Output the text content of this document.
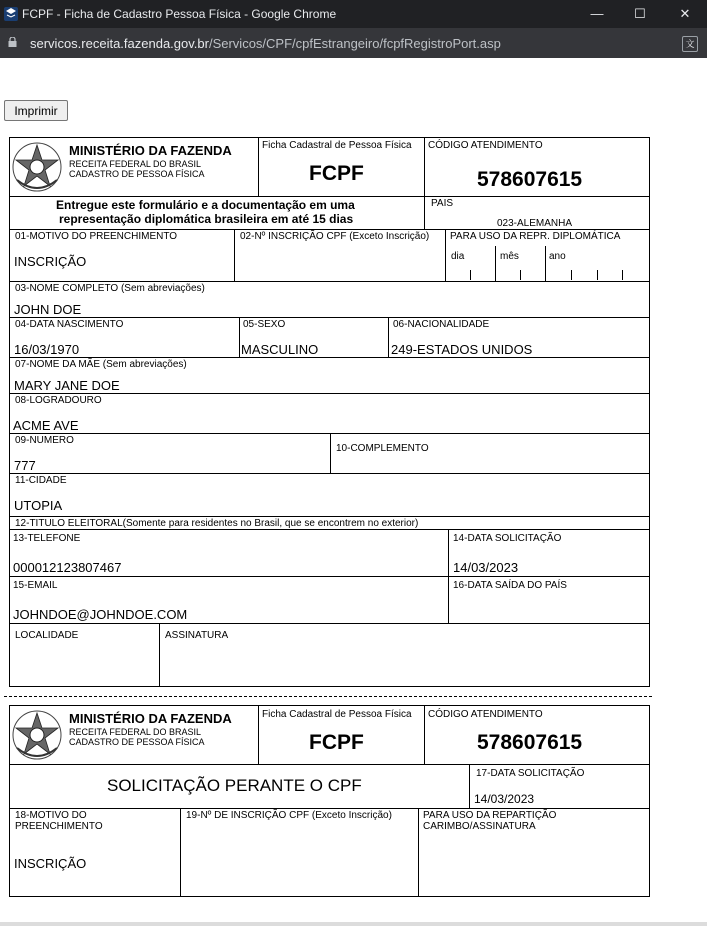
FCPF - Ficha de Cadastro Pessoa Física - Google Chrome	—	☐	✕
servicos.receita.fazenda.gov.br/Servicos/CPF/cpfEstrangeiro/fcpfRegistroPort.asp	文
Imprimir
MINISTÉRIO DA FAZENDA
RECEITA FEDERAL DO BRASIL
CADASTRO DE PESSOA FÍSICA
Ficha Cadastral de Pessoa Física
FCPF
CÓDIGO ATENDIMENTO
578607615
Entregue este formulário e a documentação em uma
representação diplomática brasileira em até 15 dias
PAIS
023-ALEMANHA
01-MOTIVO DO PREENCHIMENTO
INSCRIÇÃO
02-Nº INSCRIÇÃO CPF (Exceto Inscrição) PARA USO DA REPR. DIPLOMÁTICA
dia	mês	ano
03-NOME COMPLETO (Sem abreviações)
JOHN DOE
04-DATA NASCIMENTO
16/03/1970
05-SEXO
MASCULINO
06-NACIONALIDADE
249-ESTADOS UNIDOS
07-NOME DA MÃE (Sem abreviações)
MARY JANE DOE
08-LOGRADOURO
ACME AVE
09-NUMERO
777
10-COMPLEMENTO
11-CIDADE
UTOPIA
12-TITULO ELEITORAL(Somente para residentes no Brasil, que se encontrem no exterior)
13-TELEFONE
000012123807467
14-DATA SOLICITAÇÃO
14/03/2023
15-EMAIL
JOHNDOE@JOHNDOE.COM
16-DATA SAÍDA DO PAÍS
LOCALIDADE	ASSINATURA
MINISTÉRIO DA FAZENDA
RECEITA FEDERAL DO BRASIL
CADASTRO DE PESSOA FÍSICA
Ficha Cadastral de Pessoa Física
FCPF
CÓDIGO ATENDIMENTO
578607615
SOLICITAÇÃO PERANTE O CPF
17-DATA SOLICITAÇÃO
14/03/2023
18-MOTIVO DO
PREENCHIMENTO
INSCRIÇÃO
19-Nº DE INSCRIÇÃO CPF (Exceto Inscrição)	PARA USO DA REPARTIÇÃO
CARIMBO/ASSINATURA
